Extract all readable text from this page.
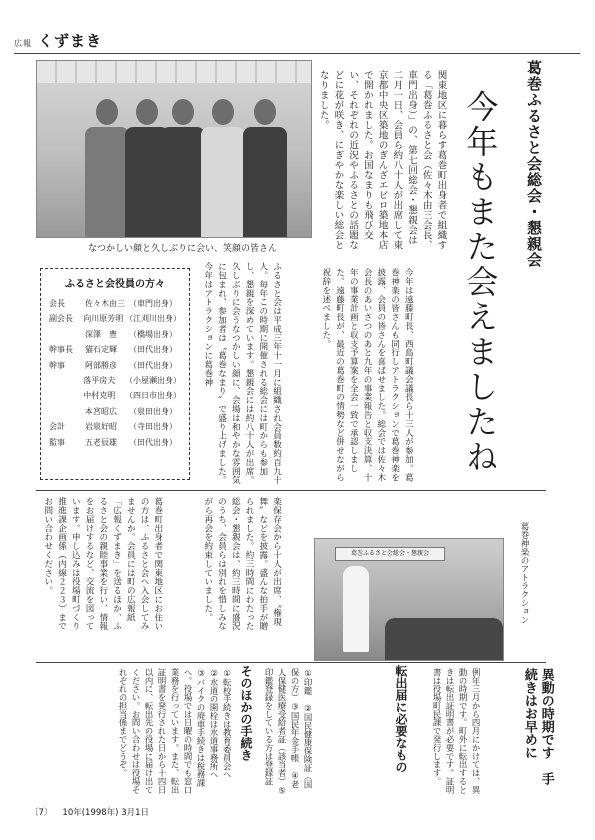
広報 くずまき
なつかしい顔と久しぶりに会い、笑顔の皆さん	葛巻ふるさと会総会・懇親会
今年もまた会えましたね
関東地区に暮らす葛巻町出身者で組織する「葛巻ふるさと会（佐々木由三会長、車門出身）」の、第七回総会・懇親会は二月一日、会員ら約八十人が出席して東京都中央区築地のぎんざエビロ築地本店で開かれました。お国なまりも飛び交い、それぞれの近況やふるさとの話題などに花が咲き、にぎやかな楽しい総会となりました。
ふるさと会役員の方々
会長	佐々木由三 （車門出身）
副会長	向川原芳明 （江刈川出身）
深澤　豊	（橋場出身）
幹事長	猫石定輝	（田代出身）
幹事	阿部勝彦	（田代出身）
落平房夫	（小屋瀬出身）
中村克明	（四日市出身）
本宮昭広	（泉田出身）
会計	岩泉好昭	（寺田出身）
監事	五老辰雄	（田代出身）	今年は遠藤町長、西島町議会議長ら十三人が参加。葛巻神楽の皆さんも同行しアトラクションで葛巻神楽を披露、会員の皆さんを喜ばせました。総会では佐々木会長のあいさつのあと九年の事業報告と収支決算、十年の事業計画と収支予算案を全会一致で承認しました。遠藤町長が、最近の葛巻町の情勢など併せながら祝辞を述べました。
ふるさと会は平成三年十一月に組織され会員数約百九十人。毎年この時期に開催される総会には町からも参加し、懇親を深めています。懇親会には約八十人が出席。久しぶりに会うなつかしい顔に、会場は和やかな雰囲気に包まれ、参加者は〝葛巻なまり〟で盛り上げました。今年はアトラクションに葛巻神
葛巻ふるさと会総会・懇親会	葛巻神楽のアトラクション
楽保存会から十人が出席、〝権現舞〟などを披露。盛んな拍手が贈られました。約三時間にわたった総会・懇親会は、約三時間に盛況のうち、会員らは別れを惜しみながら再会を約束していました。
葛巻町出身者で関東地区にお住いの方は、ふるさと会へ入会してみませんか。会員には町の広報紙「広報くずまき」を送るほか、ふるさと会の親睦事業を行い、情報をお届けするなど、交流を図っています。申し込みは役場町づくり推進課企画係（内線２２３）までお問い合わせください。
異動の時期です　手続きはお早めに
例年三月から四月にかけては、異動の時期です。町外に転出するときは転出証明書が必要です。証明書は役場町民課で発行します。
転出届に必要なもの
①印鑑　②国民健康保険証（国保の方）③国民年金手帳　④老人保健医療受給者証（該当者）⑤印鑑登録をしている方は登録証
そのほかの手続き
①転校手続きは教育委員会へ　②水道の開栓は水道事務所へ　③バイクの廃車手続きは税務課へ。役場では日曜の時間でも窓口業務を行っています。また、転出証明書を発行された日から十四日以内に、転出先の役場に届け出てください。お問い合わせは役場それぞれの担当係までどうぞ。
〔7〕 10年(1998年) 3月1日
